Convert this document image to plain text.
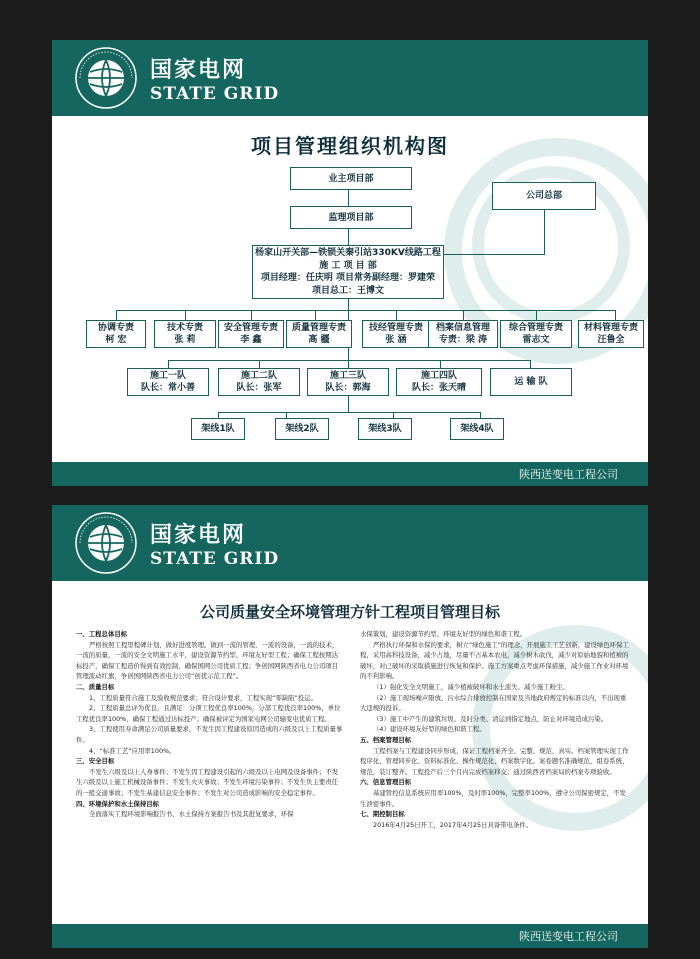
国家电网
STATE GRID
项目管理组织机构图
业主项目部
监理项目部
公司总部
杨家山开关部—铁锁关秦引站330KV线路工程
施 工 项 目 部
项目经理：任庆明 项目常务副经理：罗建荣
项目总工：王博文
协调专责
柯 宏
技术专责
张 莉
安全管理专责
李 鑫
质量管理专责
高 疆
技经管理专责
张 涵
档案信息管理
专责：梁 涛
综合管理专责
雷志文
材料管理专责
汪鲁全
施工一队
队长：常小善
施工二队
队长：张军
施工三队
队长：郭海
施工四队
队长：张天晴
运 输 队
架线1队	架线2队	架线3队	架线4队
陕西送变电工程公司
国家电网
STATE GRID
公司质量安全环境管理方针工程项目管理目标

一、工程总体目标

严格按照工程里程碑计划，做好进度管理。做到一流的管理，一流的设备，一流的技术，一流的质量，一流的安全文明施工水平，建设资源节约型、环境友好型工程；确保工程按期达标投产，确保工程造价得到有效控制，确保国网公司优质工程；争创国网陕西省电力公司项目管理流动红旗，争创国网陕西省电力公司“创优示范工程”。

二、质量目标

1、工程质量符合施工及验收规范要求；符合设计要求，工程实现“零缺陷”投运。

2、工程质量总评为优良，且满足：分项工程优良率100%，分部工程优良率100%，单位工程优良率100%，确保工程通过达标投产；确保被评定为国家电网公司输变电优质工程。

3、工程使用寿命满足公司质量要求，不发生因工程建设原因造成的六级及以上工程质量事件。

4、“标准工艺”应用率100%。

三、安全目标

不发生六级及以上人身事件；不发生因工程建设引起的六级及以上电网及设备事件；不发生六级及以上施工机械设备事件；不发生火灾事故；不发生环境污染事件；不发生负主要责任的一般交通事故；不发生基建信息安全事件；不发生对公司造成影响的安全稳定事件。

四、环境保护和水土保持目标

全面落实工程环境影响报告书、水土保持方案报告书及其批复要求，环保

水保策划，建设资源节约型、环境友好型的绿色和谐工程。

严格执行环保和水保的要求，树立“绿色施工”的理念，开展施工工艺创新，建设绿色环保工程，采用高科技设备，减少占地，尽量不占基本农电，减少树木砍伐，减少对原始地貌和植被的破坏，对已破坏的采取措施进行恢复和保护。施工方案重点考虑环保措施，减少施工作业对环境的不利影响。

（1）强化安全文明施工，减少植被破坏和水土流失、减少施工粉尘。

（2）施工现场噪声限放、污水综合排放控制在国家及当地政府规定的标准以内，不出现重大违规的投诉。

（3）施工中产生的建筑垃圾、及时分类、清运到指定地点，防止对环境造成污染。

（4）建设环境友好型的绿色和谐工程。

五、档案管理目标

工程档案与工程建设同步形成，保证工程档案齐全、完整、规范、真实。档案管理实现工作程序化、管理同步化、资料标准化、操作规范化、档案数字化。案卷题名准确规范，组卷系统、规范，装订整齐。工程投产后三个月内完成档案移交；通过陕西省档案局的档案专项验收。

六、信息管理目标

基建管控信息系统应用率100%，及时率100%，完整率100%，遵守公司保密规定，不发生泄密事件。

七、期控制目标

2016年4月25日开工，2017年4月25日具备带电条件。

陕西送变电工程公司
